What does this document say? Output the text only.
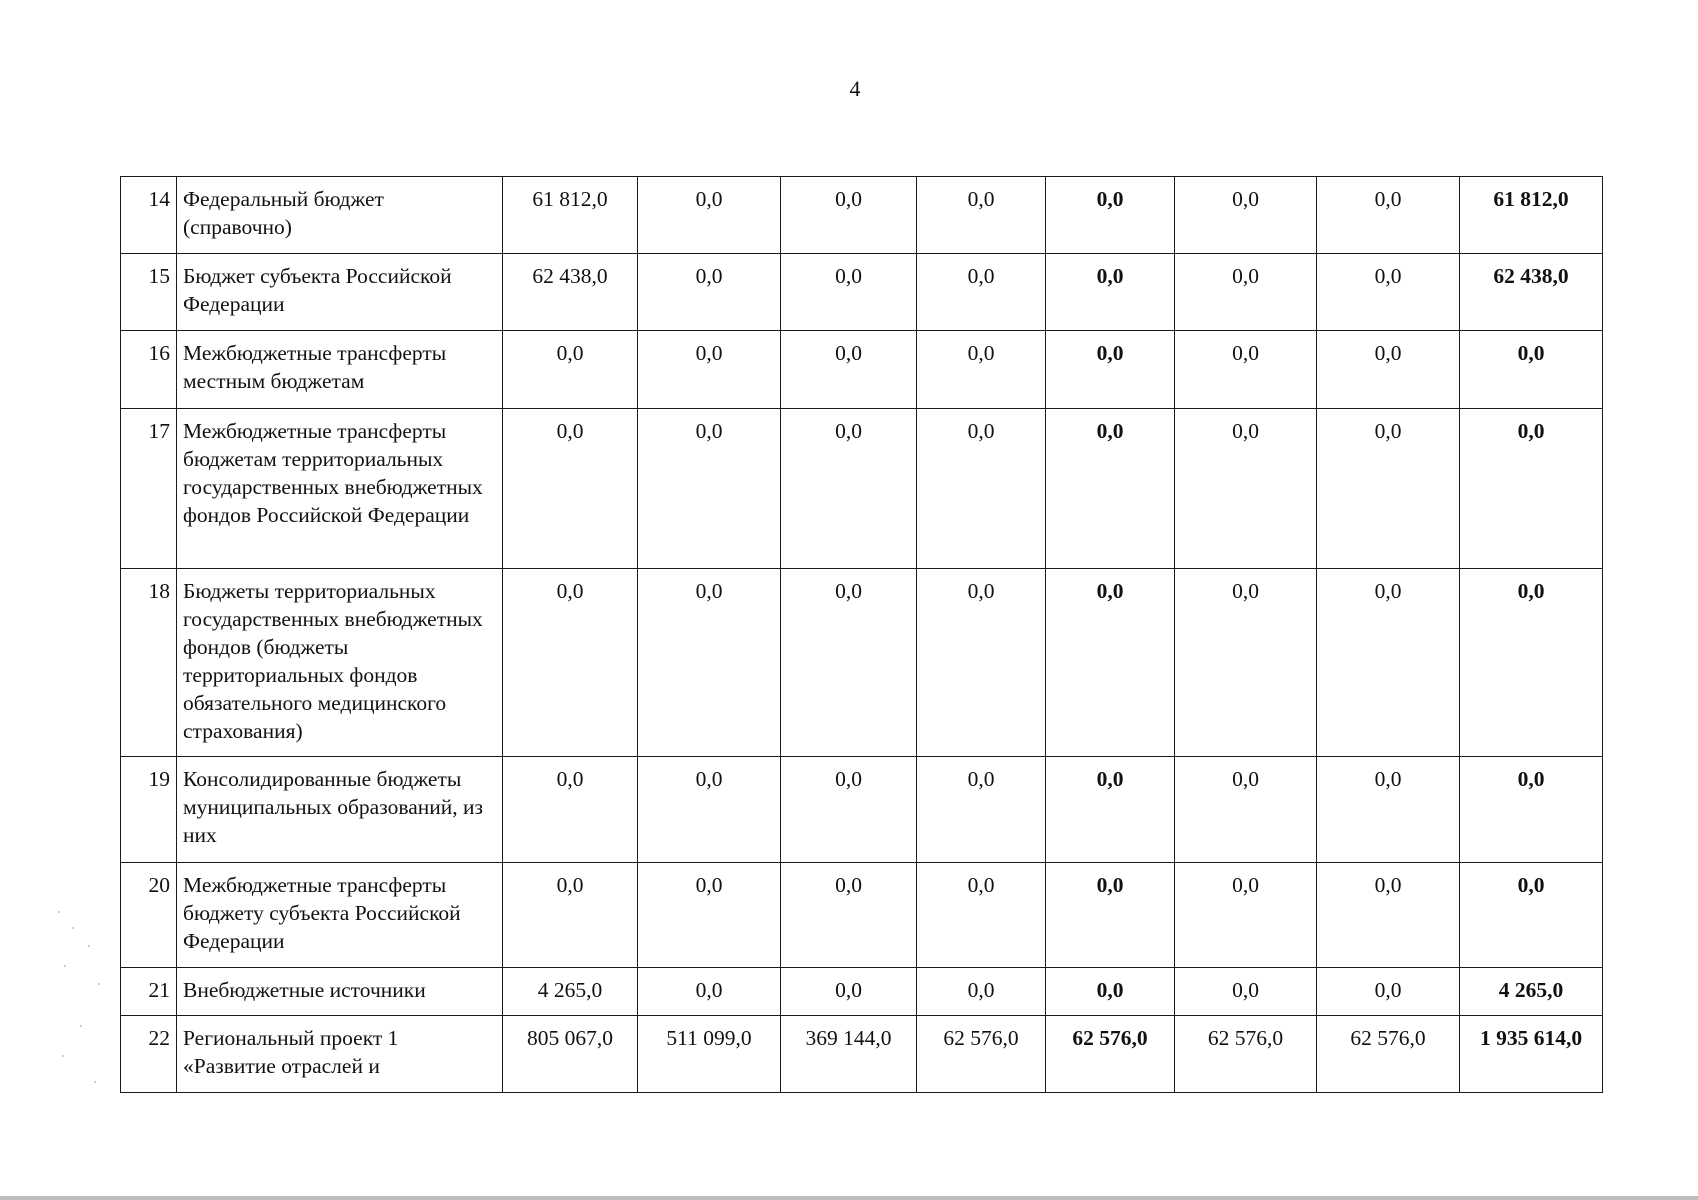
4
14	Федеральный бюджет (справочно)	61 812,0	0,0	0,0	0,0	0,0	0,0	0,0	61 812,0
15	Бюджет субъекта Российской Федерации	62 438,0	0,0	0,0	0,0	0,0	0,0	0,0	62 438,0
16	Межбюджетные трансферты местным бюджетам	0,0	0,0	0,0	0,0	0,0	0,0	0,0	0,0
17	Межбюджетные трансферты бюджетам территориальных государственных внебюджетных фондов Российской Федерации	0,0	0,0	0,0	0,0	0,0	0,0	0,0	0,0
18	Бюджеты территориальных государственных внебюджетных фондов (бюджеты территориальных фондов обязательного медицинского страхования)	0,0	0,0	0,0	0,0	0,0	0,0	0,0	0,0
19	Консолидированные бюджеты муниципальных образований, из них	0,0	0,0	0,0	0,0	0,0	0,0	0,0	0,0
20	Межбюджетные трансферты бюджету субъекта Российской Федерации	0,0	0,0	0,0	0,0	0,0	0,0	0,0	0,0
21	Внебюджетные источники	4 265,0	0,0	0,0	0,0	0,0	0,0	0,0	4 265,0
22	Региональный проект 1 «Развитие отраслей и	805 067,0	511 099,0	369 144,0	62 576,0	62 576,0	62 576,0	62 576,0	1 935 614,0
